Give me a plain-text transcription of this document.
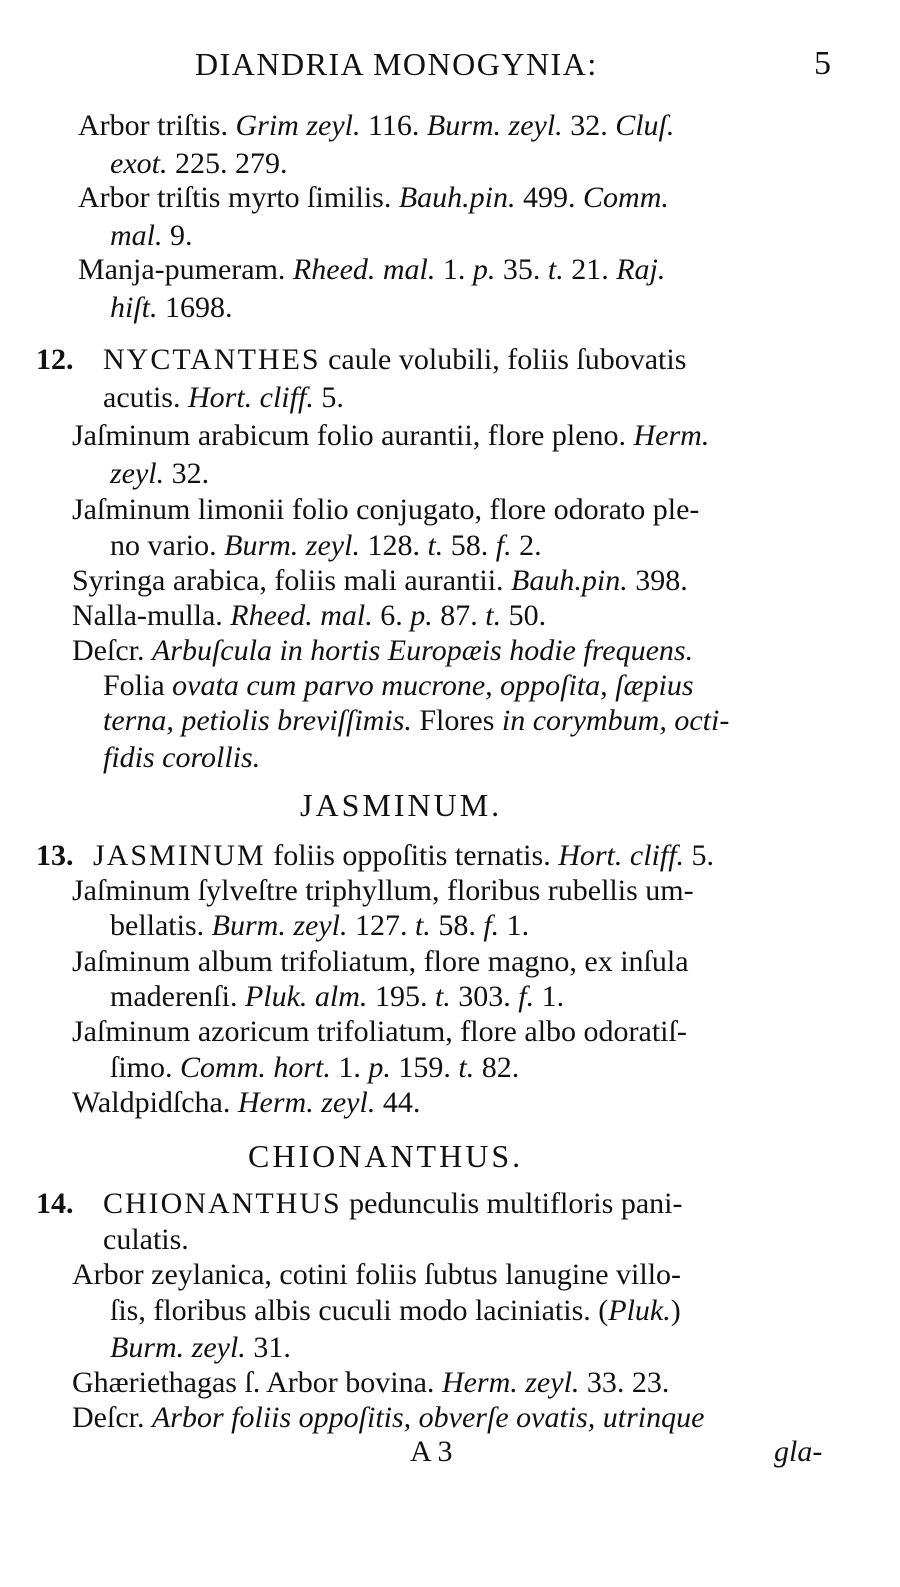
DIANDRIA MONOGYNIA:	5
Arbor triſtis. Grim zeyl. 116. Burm. zeyl. 32. Cluſ.
exot. 225. 279.
Arbor triſtis myrto ſimilis. Bauh.pin. 499. Comm.
mal. 9.
Manja-pumeram. Rheed. mal. 1. p. 35. t. 21. Raj.
hiſt. 1698.
NYCTANTHES caule volubili, foliis ſubovatis
12.
acutis. Hort. cliff. 5.
Jaſminum arabicum folio aurantii, flore pleno. Herm.
zeyl. 32.
Jaſminum limonii folio conjugato, flore odorato ple-
no vario. Burm. zeyl. 128. t. 58. f. 2.
Syringa arabica, foliis mali aurantii. Bauh.pin. 398.
Nalla-mulla. Rheed. mal. 6. p. 87. t. 50.
Deſcr. Arbuſcula in hortis Europæis hodie frequens.
Folia ovata cum parvo mucrone, oppoſita, ſæpius
terna, petiolis breviſſimis. Flores in corymbum, octi-
fidis corollis.
JASMINUM.
JASMINUM foliis oppoſitis ternatis. Hort. cliff. 5.
13.
Jaſminum ſylveſtre triphyllum, floribus rubellis um-
bellatis. Burm. zeyl. 127. t. 58. f. 1.
Jaſminum album trifoliatum, flore magno, ex inſula
maderenſi. Pluk. alm. 195. t. 303. f. 1.
Jaſminum azoricum trifoliatum, flore albo odoratiſ-
ſimo. Comm. hort. 1. p. 159. t. 82.
Waldpidſcha. Herm. zeyl. 44.
CHIONANTHUS.
CHIONANTHUS pedunculis multifloris pani-
14.
culatis.
Arbor zeylanica, cotini foliis ſubtus lanugine villo-
ſis, floribus albis cuculi modo laciniatis. (Pluk.)
Burm. zeyl. 31.
Ghæriethagas ſ. Arbor bovina. Herm. zeyl. 33. 23.
Deſcr. Arbor foliis oppoſitis, obverſe ovatis, utrinque
A 3	gla-
